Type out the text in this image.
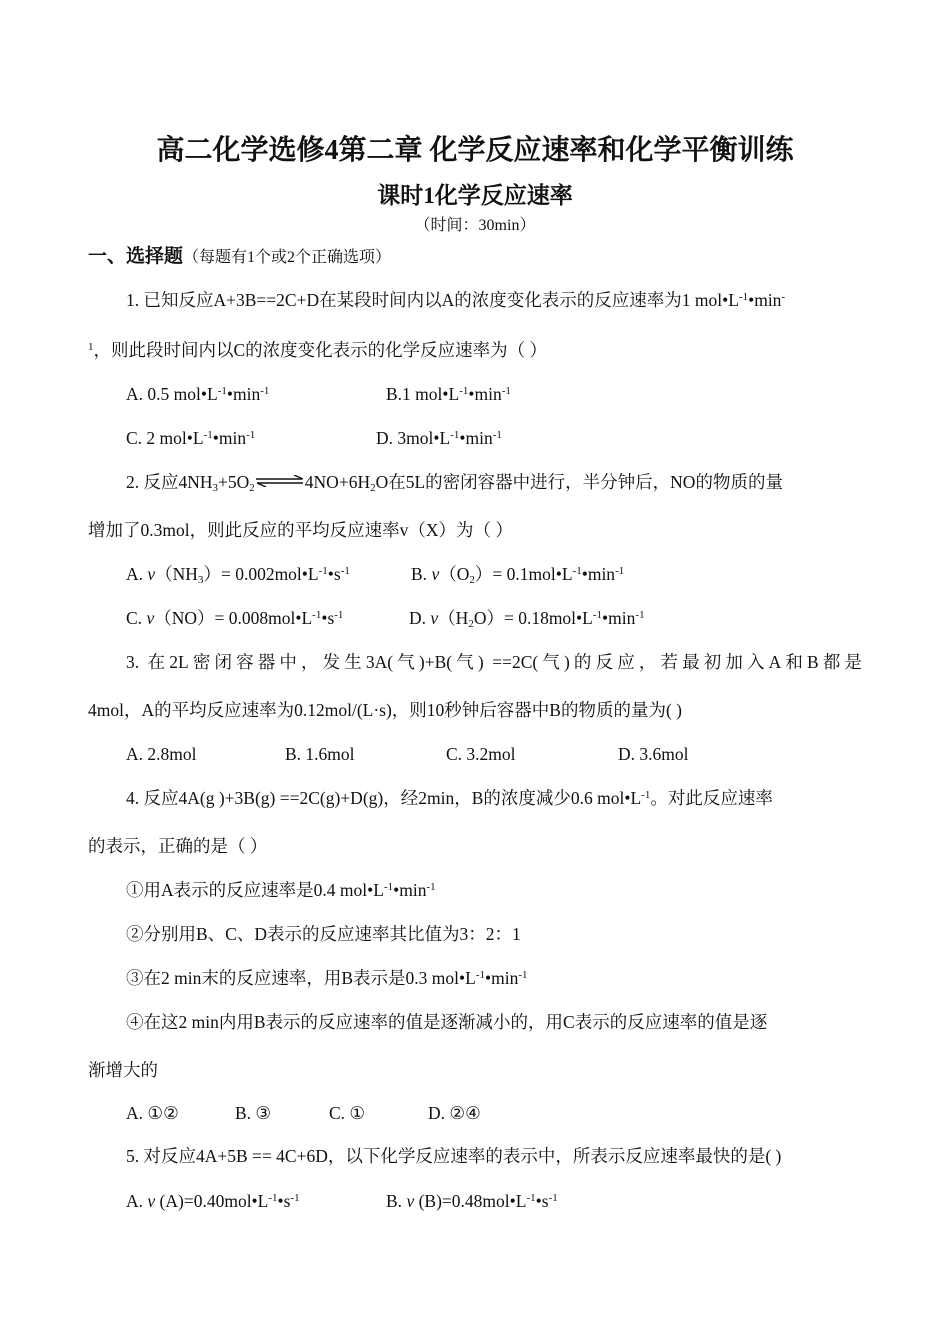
高二化学选修4第二章 化学反应速率和化学平衡训练
课时1化学反应速率
（时间：30min）
一、选择题（每题有1个或2个正确选项）
1. 已知反应A+3B==2C+D在某段时间内以A的浓度变化表示的反应速率为1 $mol•L^{-1}•\min^-$
$^1$，则此段时间内以C的浓度变化表示的化学反应速率为（ ）
A. 0.5 $mol•L^{-1}•\min^{-1}$	B.1 $mol•L^{-1}•\min^{-1}$
C. 2 $mol•L^{-1}•\min^{-1}$	D. $3mol•L^{-1}•\min^{-1}$
2. 反应$4NH_3+5O_2$ $\rightleftharpoons 4NO+6H_2O$在5L的密闭容器中进行，半分钟后，NO的物质的量
增加了0.3mol，则此反应的平均反应速率v（X）为（ ）
A. $v(NH_3)=$ $0.002mol•L^{-1}•s^{-1}$	B. $v(O_2)=$ $0.1mol•L^{-1}•\min^{-1}$
C. $v(NO)= 0.008mol•L^{-1}•s^{-1}$	D. $v(H_2O)=$ $0.18mol•L^{-1}•\min^{-1}$
3. 在2L密闭容器中，发生3A(气)+B(气) ==2C(气)的反应，若最初加入A和B都是
4mol，A的平均反应速率为0.12mol/(L·s)，则10秒钟后容器中B的物质的量为( )
A. 2.8mol	B. 1.6mol	C. 3.2mol	D. 3.6mol
4. 反应4A(g )+3B(g) ==2C(g)+D(g)，经2min，B的浓度减少0.6 $mol•L^{-1}$。对此反应速率
的表示，正确的是（ ）
①用A表示的反应速率是0.4 $mol•L^{-1}•\min^{-1}$
②分别用B、C、D表示的反应速率其比值为3：2：1
③在2 min末的反应速率，用B表示是0.3 $mol•L^{-1}•\min^{-1}$
④在这2 min内用B表示的反应速率的值是逐渐减小的，用C表示的反应速率的值是逐
渐增大的
A. ①②	B. ③	C. ①	D. ②④
5. 对反应4A+5B == 4C+6D，以下化学反应速率的表示中，所表示反应速率最快的是( )
A. v $(A)=0.40mol•L^{-1}•s^{-1}$	B. v $(B)=0.48mol•L^{-1}•s^{-1}$
